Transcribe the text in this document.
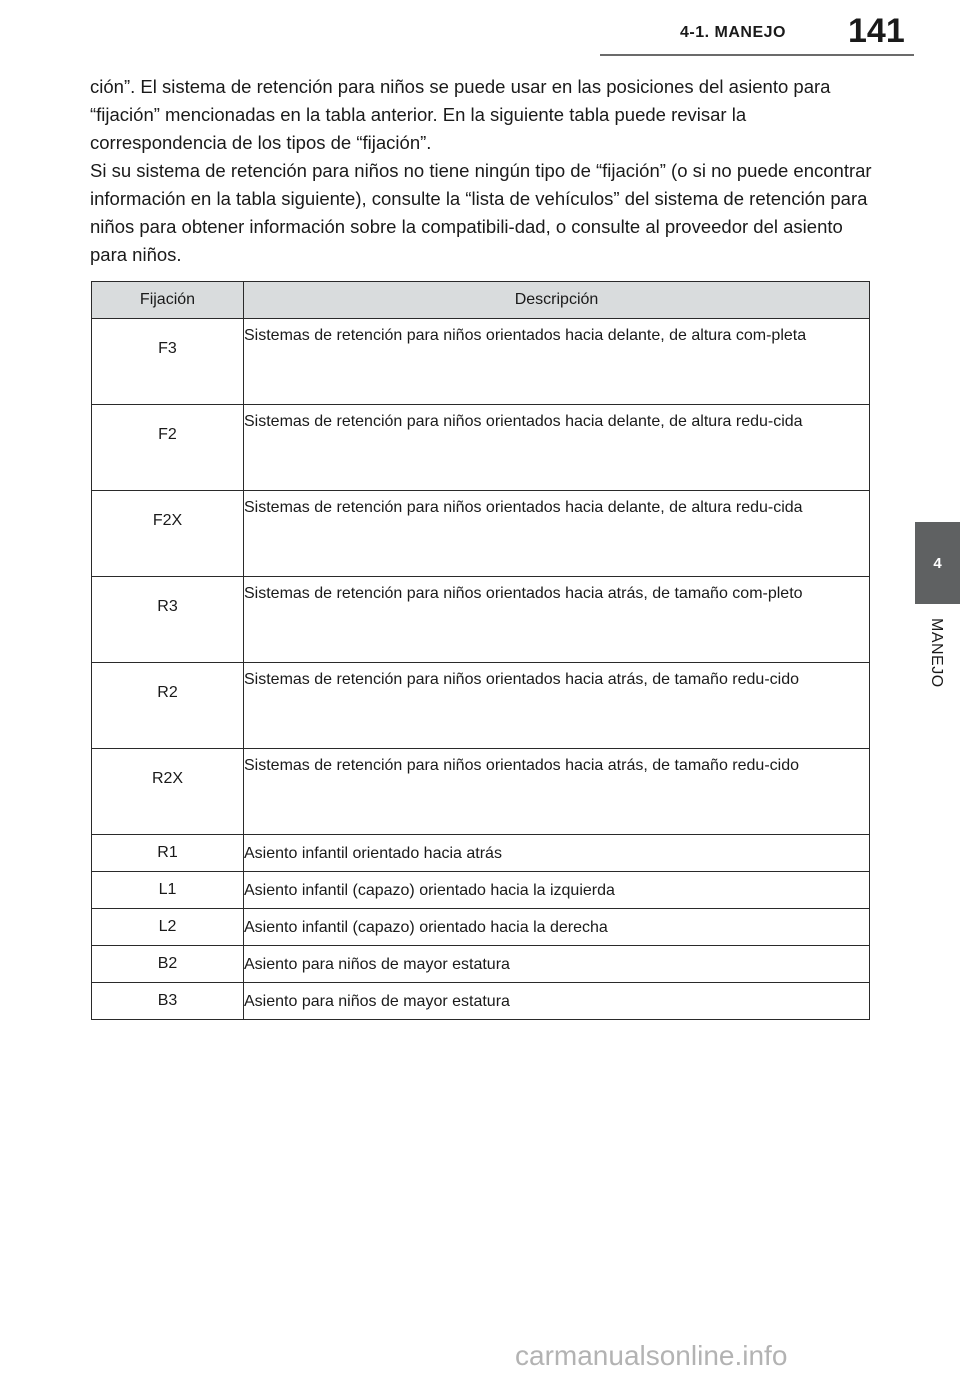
4-1. MANEJO 141
4
MANEJO

ción”. El sistema de retención para niños se puede usar en las posiciones del asiento para “fijación” mencionadas en la tabla anterior. En la siguiente tabla puede revisar la correspondencia de los tipos de “fijación”.

Si su sistema de retención para niños no tiene ningún tipo de “fijación” (o si no puede encontrar información en la tabla siguiente), consulte la “lista de vehículos” del sistema de retención para niños para obtener información sobre la compatibili-dad, o consulte al proveedor del asiento para niños.

Fijación	Descripción
F3	Sistemas de retención para niños orientados hacia delante, de altura com-pleta
F2	Sistemas de retención para niños orientados hacia delante, de altura redu-cida
F2X	Sistemas de retención para niños orientados hacia delante, de altura redu-cida
R3	Sistemas de retención para niños orientados hacia atrás, de tamaño com-pleto
R2	Sistemas de retención para niños orientados hacia atrás, de tamaño redu-cido
R2X	Sistemas de retención para niños orientados hacia atrás, de tamaño redu-cido
R1	Asiento infantil orientado hacia atrás
L1	Asiento infantil (capazo) orientado hacia la izquierda
L2	Asiento infantil (capazo) orientado hacia la derecha
B2	Asiento para niños de mayor estatura
B3	Asiento para niños de mayor estatura
carmanualsonline.info
